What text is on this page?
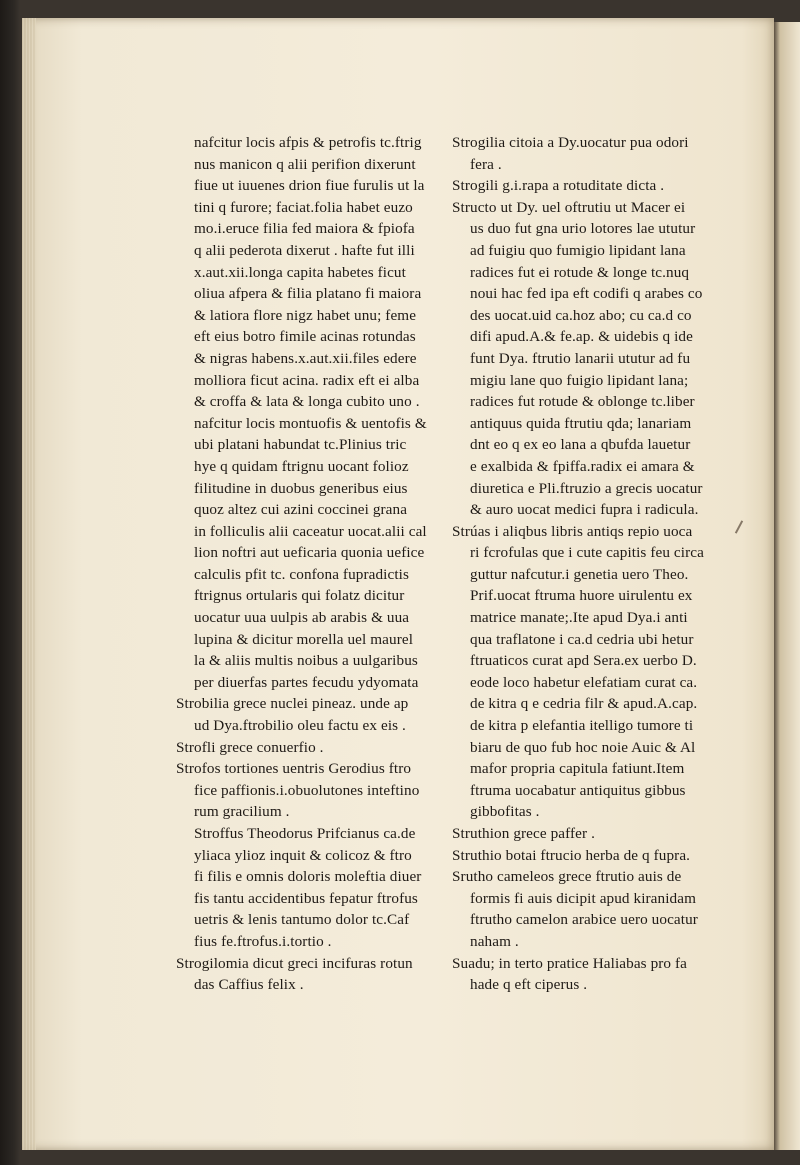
nafcitur locis afpis & petrofis tc.ftrig
nus manicon q alii perifion dixerunt
fiue ut iuuenes drion fiue furulis ut la
tini q furore; faciat.folia habet euzo
mo.i.eruce filia fed maiora & fpiofa
q alii pederota dixerut . hafte fut illi
x.aut.xii.longa capita habetes ficut
oliua afpera & filia platano fi maiora
& latiora flore nigz habet unu; feme
eft eius botro fimile acinas rotundas
& nigras habens.x.aut.xii.files edere
molliora ficut acina. radix eft ei alba
& croffa & lata & longa cubito uno .
nafcitur locis montuofis & uentofis &
ubi platani habundat tc.Plinius tric
hye q quidam ftrignu uocant folioz
filitudine in duobus generibus eius
quoz altez cui azini coccinei grana
in folliculis alii caceatur uocat.alii cal
lion noftri aut ueficaria quonia uefice
calculis pfit tc. confona fupradictis
ftrignus ortularis qui folatz dicitur
uocatur uua uulpis ab arabis & uua
lupina & dicitur morella uel maurel
la & aliis multis noibus a uulgaribus
per diuerfas partes fecudu ydyomata
Strobilia grece nuclei pineaz. unde ap
ud Dya.ftrobilio oleu factu ex eis .
Strofli grece conuerfio .
Strofos tortiones uentris Gerodius ftro
fice paffionis.i.obuolutones inteftino
rum gracilium .
Stroffus Theodorus Prifcianus ca.de
yliaca ylioz inquit & colicoz & ftro
fi filis e omnis doloris moleftia diuer
fis tantu accidentibus fepatur ftrofus
uetris & lenis tantumo dolor tc.Caf
fius fe.ftrofus.i.tortio .
Strogilomia dicut greci incifuras rotun
das Caffius felix .
Strogilia citoia a Dy.uocatur pua odori
fera .
Strogili g.i.rapa a rotuditate dicta .
Structo ut Dy. uel oftrutiu ut Macer ei
us duo fut gna urio lotores lae ututur
ad fuigiu quo fumigio lipidant lana
radices fut ei rotude & longe tc.nuq
noui hac fed ipa eft codifi q arabes co
des uocat.uid ca.hoz abo; cu ca.d co
difi apud.A.& fe.ap. & uidebis q ide
funt Dya. ftrutio lanarii ututur ad fu
migiu lane quo fuigio lipidant lana;
radices fut rotude & oblonge tc.liber
antiquus quida ftrutiu qda; lanariam
dnt eo q ex eo lana a qbufda lauetur
e exalbida & fpiffa.radix ei amara &
diuretica e Pli.ftruzio a grecis uocatur
& auro uocat medici fupra i radicula.
Strúas i aliqbus libris antiqs repio uoca
ri fcrofulas que i cute capitis feu circa
guttur nafcutur.i genetia uero Theo.
Prif.uocat ftruma huore uirulentu ex
matrice manate;.Ite apud Dya.i anti
qua traflatone i ca.d cedria ubi hetur
ftruaticos curat apd Sera.ex uerbo D.
eode loco habetur elefatiam curat ca.
de kitra q e cedria filr & apud.A.cap.
de kitra p elefantia itelligo tumore ti
biaru de quo fub hoc noie Auic & Al
mafor propria capitula fatiunt.Item
ftruma uocabatur antiquitus gibbus
gibbofitas .
Struthion grece paffer .
Struthio botai ftrucio herba de q fupra.
Srutho cameleos grece ftrutio auis de
formis fi auis dicipit apud kiranidam
ftrutho camelon arabice uero uocatur
naham .
Suadu; in terto pratice Haliabas pro fa
hade q eft ciperus .
